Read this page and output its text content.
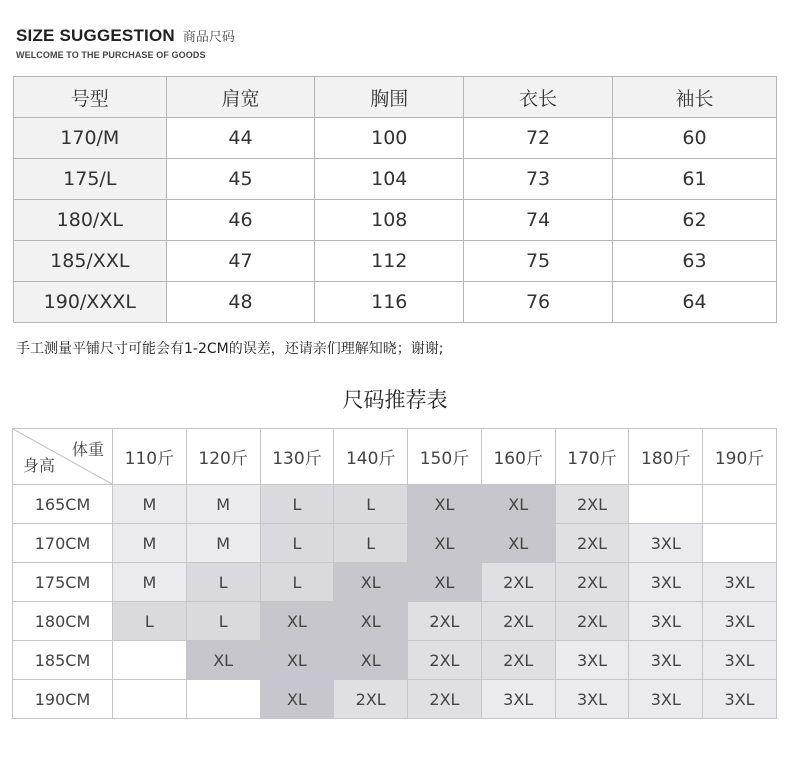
SIZE SUGGESTION 商品尺码
WELCOME TO THE PURCHASE OF GOODS
号型	肩宽	胸围	衣长	袖长
170/M	44	100	72	60
175/L	45	104	73	61
180/XL	46	108	74	62
185/XXL	47	112	75	63
190/XXXL	48	116	76	64
手工测量平铺尺寸可能会有1-2CM的误差，还请亲们理解知晓；谢谢;
尺码推荐表
体重
身高	110斤	120斤	130斤	140斤	150斤	160斤	170斤	180斤	190斤
165CM	M	M	L	L	XL	XL	2XL		
170CM	M	M	L	L	XL	XL	2XL	3XL	
175CM	M	L	L	XL	XL	2XL	2XL	3XL	3XL
180CM	L	L	XL	XL	2XL	2XL	2XL	3XL	3XL
185CM		XL	XL	XL	2XL	2XL	3XL	3XL	3XL
190CM			XL	2XL	2XL	3XL	3XL	3XL	3XL
